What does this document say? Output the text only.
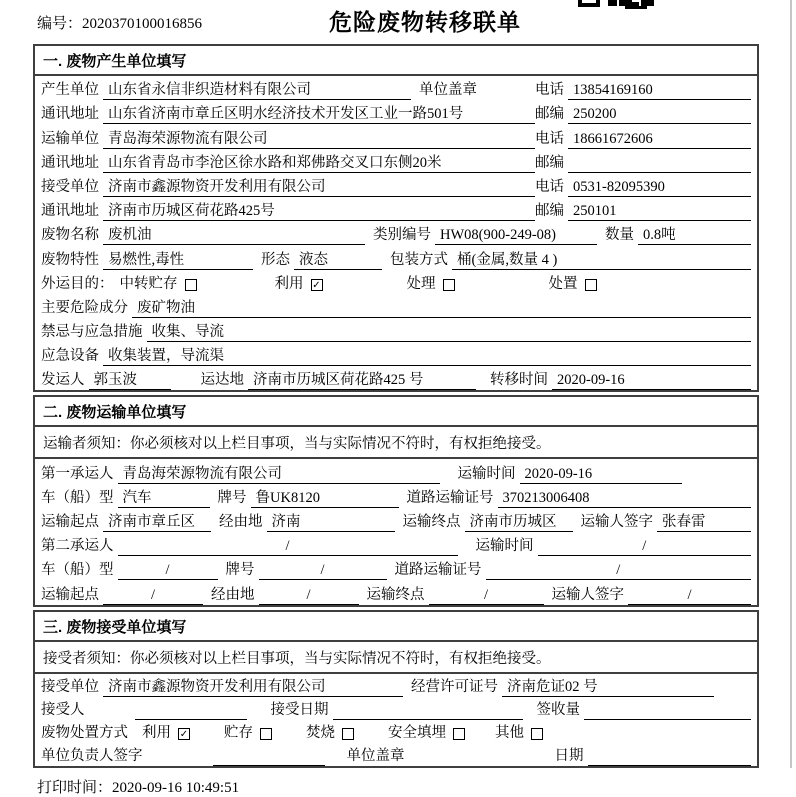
编号：2020370100016856	危险废物转移联单
一. 废物产生单位填写
产生单位 山东省永信非织造材料有限公司	单位盖章	电话 13854169160
通讯地址 山东省济南市章丘区明水经济技术开发区工业一路501号	邮编 250200
运输单位 青岛海荣源物流有限公司	电话 18661672606
通讯地址 山东省青岛市李沧区徐水路和郑佛路交叉口东侧20米	邮编
接受单位 济南市鑫源物资开发利用有限公司	电话 0531-82095390
通讯地址 济南市历城区荷花路425号	邮编 250101
废物名称 废机油	类别编号 HW08(900-249-08)	数量 0.8吨
废物特性 易燃性,毒性	形态 液态	包装方式 桶(金属,数量 4 )
外运目的： 中转贮存	利用 ✓	处理	处置
主要危险成分 废矿物油
禁忌与应急措施 收集、导流
应急设备 收集装置，导流渠
发运人 郭玉波	运达地 济南市历城区荷花路425 号	转移时间 2020-09-16
二. 废物运输单位填写
运输者须知：你必须核对以上栏目事项，当与实际情况不符时，有权拒绝接受。
第一承运人 青岛海荣源物流有限公司	运输时间 2020-09-16
车（船）型 汽车	牌号 鲁UK8120	道路运输证号 370213006408
运输起点 济南市章丘区	经由地 济南	运输终点 济南市历城区	运输人签字 张春雷
第二承运人	/	运输时间	/
车（船）型	/	牌号	/	道路运输证号	/
运输起点	/	经由地	/	运输终点	/	运输人签字	/
三. 废物接受单位填写
接受者须知：你必须核对以上栏目事项，当与实际情况不符时，有权拒绝接受。
接受单位 济南市鑫源物资开发利用有限公司	经营许可证号 济南危证02 号
接受人	接受日期	签收量
废物处置方式 利用 ✓ 贮存	焚烧	安全填埋	其他
单位负责人签字	单位盖章	日期
打印时间：2020-09-16 10:49:51
